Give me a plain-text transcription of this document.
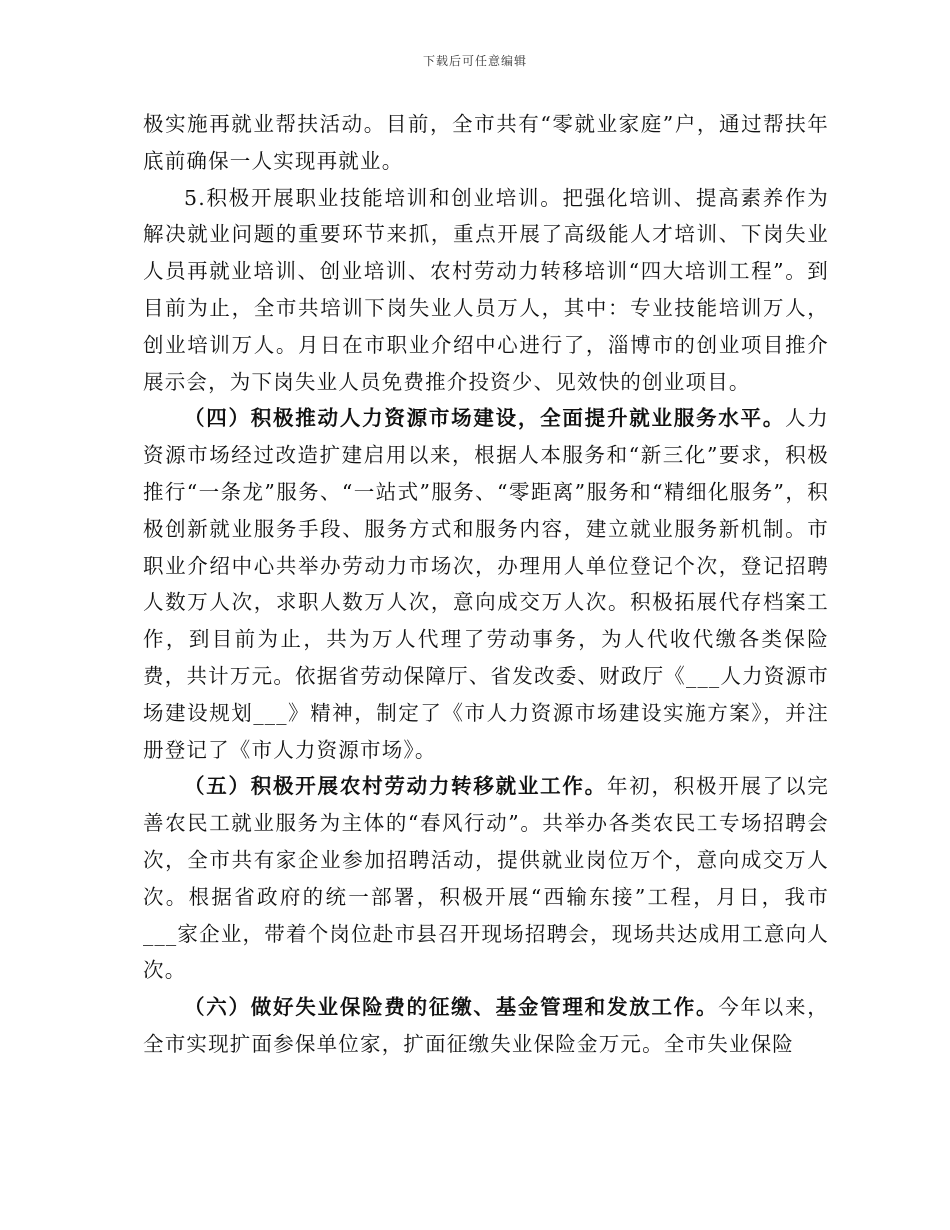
下载后可任意编辑

极实施再就业帮扶活动。目前，全市共有“零就业家庭”户，通过帮扶年底前确保一人实现再就业。

5.积极开展职业技能培训和创业培训。把强化培训、提高素养作为解决就业问题的重要环节来抓，重点开展了高级能人才培训、下岗失业人员再就业培训、创业培训、农村劳动力转移培训“四大培训工程”。到目前为止，全市共培训下岗失业人员万人，其中：专业技能培训万人，创业培训万人。月日在市职业介绍中心进行了，淄博市的创业项目推介展示会，为下岗失业人员免费推介投资少、见效快的创业项目。

（四）积极推动人力资源市场建设，全面提升就业服务水平。人力资源市场经过改造扩建启用以来，根据人本服务和“新三化”要求，积极推行“一条龙”服务、“一站式”服务、“零距离”服务和“精细化服务”，积极创新就业服务手段、服务方式和服务内容，建立就业服务新机制。市职业介绍中心共举办劳动力市场次，办理用人单位登记个次，登记招聘人数万人次，求职人数万人次，意向成交万人次。积极拓展代存档案工作，到目前为止，共为万人代理了劳动事务，为人代收代缴各类保险费，共计万元。依据省劳动保障厅、省发改委、财政厅《___人力资源市场建设规划___》精神，制定了《市人力资源市场建设实施方案》，并注册登记了《市人力资源市场》。

（五）积极开展农村劳动力转移就业工作。年初，积极开展了以完善农民工就业服务为主体的“春风行动”。共举办各类农民工专场招聘会次，全市共有家企业参加招聘活动，提供就业岗位万个，意向成交万人次。根据省政府的统一部署，积极开展“西输东接”工程，月日，我市___家企业，带着个岗位赴市县召开现场招聘会，现场共达成用工意向人次。

（六）做好失业保险费的征缴、基金管理和发放工作。今年以来，全市实现扩面参保单位家，扩面征缴失业保险金万元。全市失业保险
